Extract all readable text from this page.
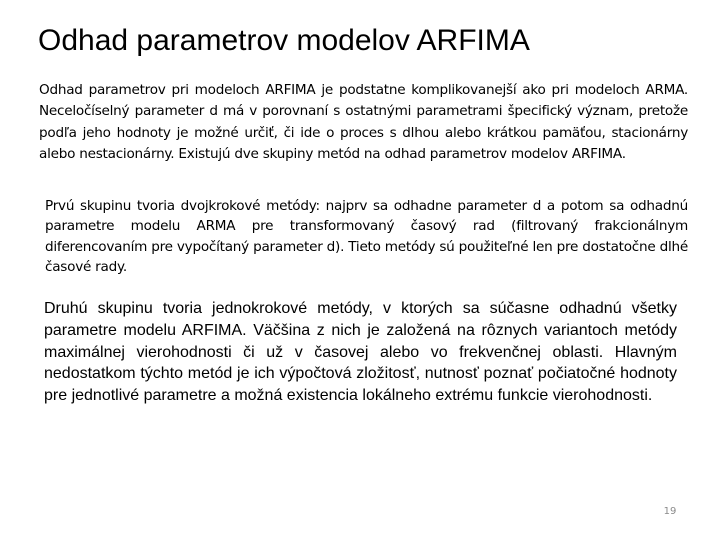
Odhad parametrov modelov ARFIMA

Odhad parametrov pri modeloch ARFIMA je podstatne komplikovanejší ako pri modeloch ARMA. Neceločíselný parameter d má v porovnaní s ostatnými parametrami špecifický význam, pretože podľa jeho hodnoty je možné určiť, či ide o proces s dlhou alebo krátkou pamäťou, stacionárny alebo nestacionárny. Existujú dve skupiny metód na odhad parametrov modelov ARFIMA.

Prvú skupinu tvoria dvojkrokové metódy: najprv sa odhadne parameter d a potom sa odhadnú parametre modelu ARMA pre transformovaný časový rad (filtrovaný frakcionálnym diferencovaním pre vypočítaný parameter d). Tieto metódy sú použiteľné len pre dostatočne dlhé časové rady.

Druhú skupinu tvoria jednokrokové metódy, v ktorých sa súčasne odhadnú všetky parametre modelu ARFIMA. Väčšina z nich je založená na rôznych variantoch metódy maximálnej vierohodnosti či už v časovej alebo vo frekvenčnej oblasti. Hlavným nedostatkom týchto metód je ich výpočtová zložitosť, nutnosť poznať počiatočné hodnoty pre jednotlivé parametre a možná existencia lokálneho extrému funkcie vierohodnosti.

19
